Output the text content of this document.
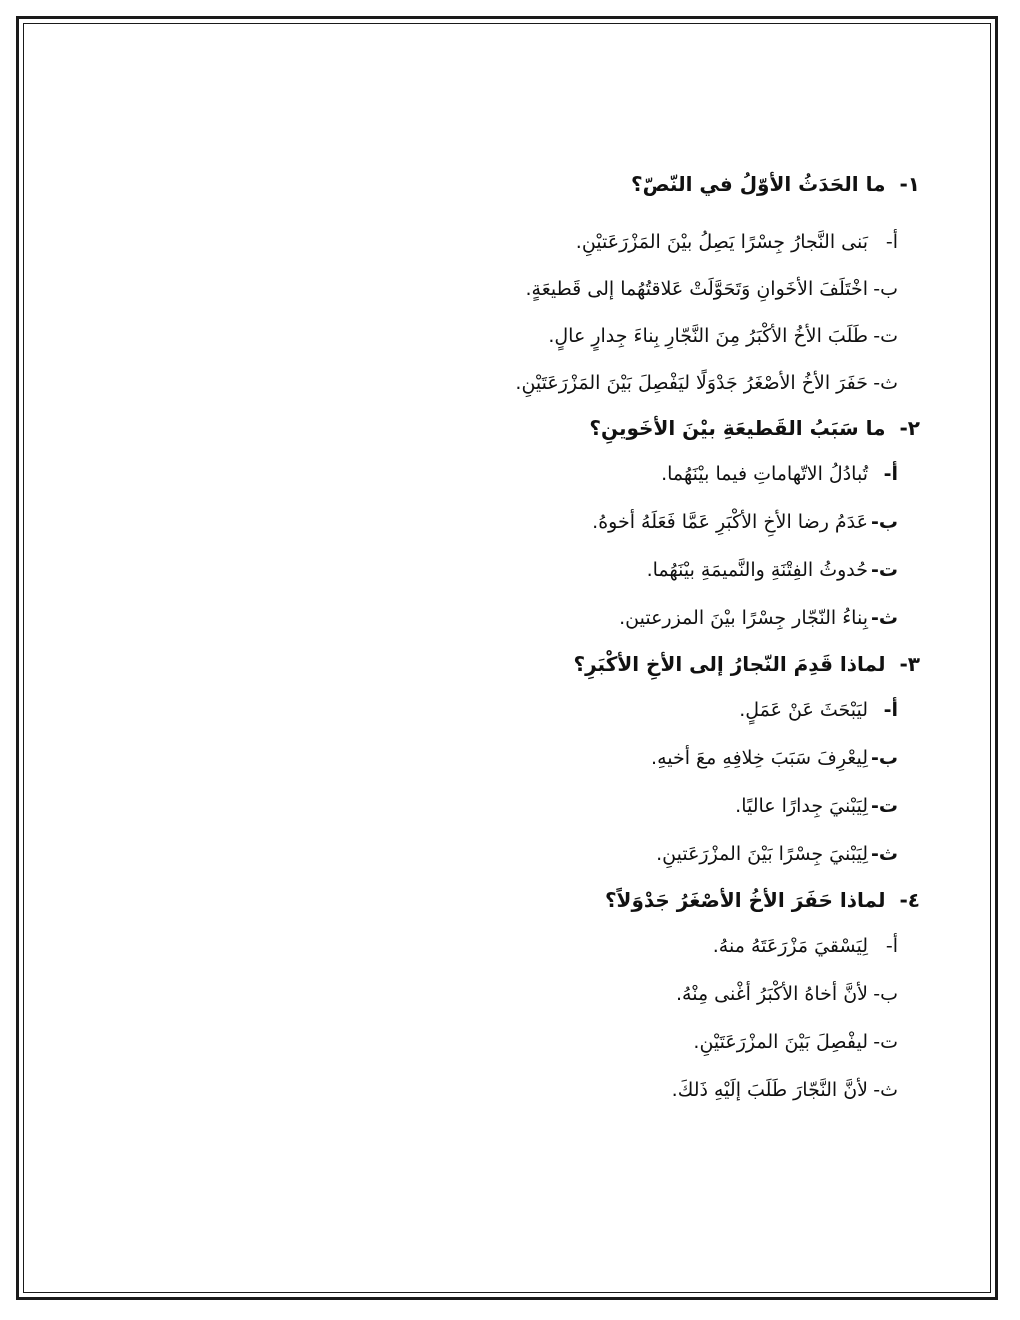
١-
ما الحَدَثُ الأوّلُ في النّصّ؟
أ-
بَنى النَّجارُ جِسْرًا يَصِلُ بيْنَ المَزْرَعَتيْنِ.
ب-
اخْتَلَفَ الأخَوانِ وَتَحَوَّلَتْ عَلاقتُهُما إلى قَطيعَةٍ.
ت-
طَلَبَ الأخُ الأكْبَرُ مِنَ النَّجّارِ بِناءَ جِدارٍ عالٍ.
ث-
حَفَرَ الأخُ الأصْغَرُ جَدْوَلًا ليَفْصِلَ بَيْنَ المَزْرَعَتَيْنِ.
٢-
ما سَبَبُ القَطيعَةِ بيْنَ الأخَوينِ؟
أ-
تُبادُلُ الاتّهاماتِ فيما بيْنَهُما.
ب-
عَدَمُ رضا الأخِ الأكْبَرِ عَمَّا فَعَلَهُ أخوهُ.
ت-
حُدوثُ الفِتْنَةِ والنَّميمَةِ بيْنَهُما.
ث-
بِناءُ النّجّار جِسْرًا بيْنَ المزرعتين.
٣-
لماذا قَدِمَ النّجارُ إلى الأخِ الأكْبَرِ؟
أ-
ليَبْحَثَ عَنْ عَمَلٍ.
ب-
لِيعْرِفَ سَبَبَ خِلافِهِ معَ أخيهِ.
ت-
لِيَبْنيَ جِدارًا عاليًا.
ث-
لِيَبْنيَ جِسْرًا بَيْنَ المزْرَعَتينِ.
٤-
لماذا حَفَرَ الأخُ الأصْغَرُ جَدْوَلاً؟
أ-
لِيَسْقيَ مَزْرَعَتَهُ منهُ.
ب-
لأنَّ أخاهُ الأكْبَرُ أغْنى مِنْهُ.
ت-
ليفْصِلَ بَيْنَ المزْرَعَتَيْنِ.
ث-
لأنَّ النَّجّارَ طَلَبَ إلَيْهِ ذَلكَ.
